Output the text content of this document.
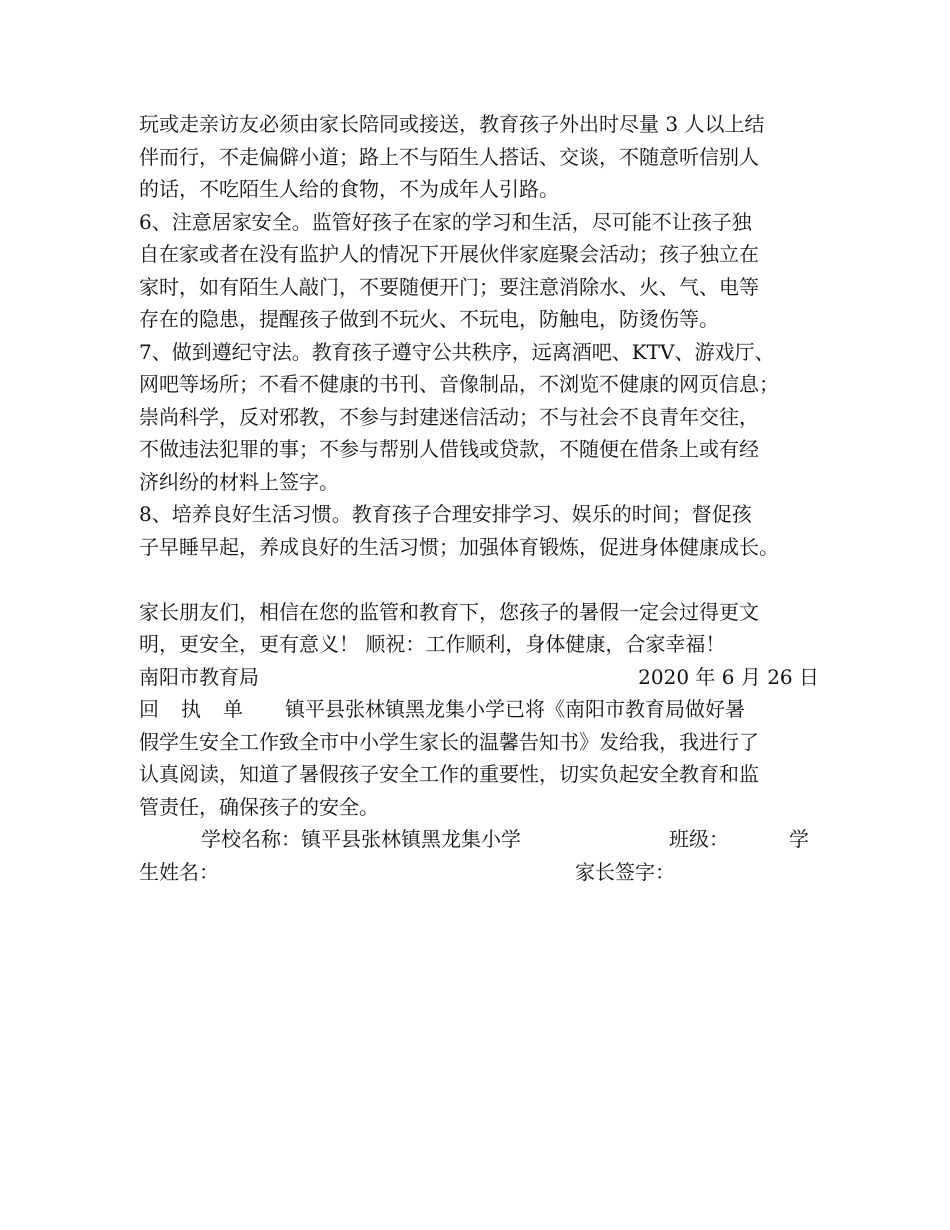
玩或走亲访友必须由家长陪同或接送，教育孩子外出时尽量 3 人以上结
伴而行，不走偏僻小道；路上不与陌生人搭话、交谈，不随意听信别人
的话，不吃陌生人给的食物，不为成年人引路。
6、注意居家安全。监管好孩子在家的学习和生活，尽可能不让孩子独
自在家或者在没有监护人的情况下开展伙伴家庭聚会活动；孩子独立在
家时，如有陌生人敲门，不要随便开门；要注意消除水、火、气、电等
存在的隐患，提醒孩子做到不玩火、不玩电，防触电，防烫伤等。
7、做到遵纪守法。教育孩子遵守公共秩序，远离酒吧、KTV、游戏厅、
网吧等场所；不看不健康的书刊、音像制品，不浏览不健康的网页信息；
崇尚科学，反对邪教，不参与封建迷信活动；不与社会不良青年交往，
不做违法犯罪的事；不参与帮别人借钱或贷款，不随便在借条上或有经
济纠纷的材料上签字。
8、培养良好生活习惯。教育孩子合理安排学习、娱乐的时间；督促孩
子早睡早起，养成良好的生活习惯；加强体育锻炼，促进身体健康成长。
家长朋友们，相信在您的监管和教育下，您孩子的暑假一定会过得更文
明，更安全，更有意义！ 顺祝：工作顺利，身体健康，合家幸福！
南阳市教育局	2020 年 6 月 26 日
回执单 镇平县张林镇黑龙集小学已将《南阳市教育局做好暑
假学生安全工作致全市中小学生家长的温馨告知书》发给我，我进行了
认真阅读，知道了暑假孩子安全工作的重要性，切实负起安全教育和监
管责任，确保孩子的安全。
学校名称：镇平县张林镇黑龙集小学	班级：	学
生姓名：	家长签字：
